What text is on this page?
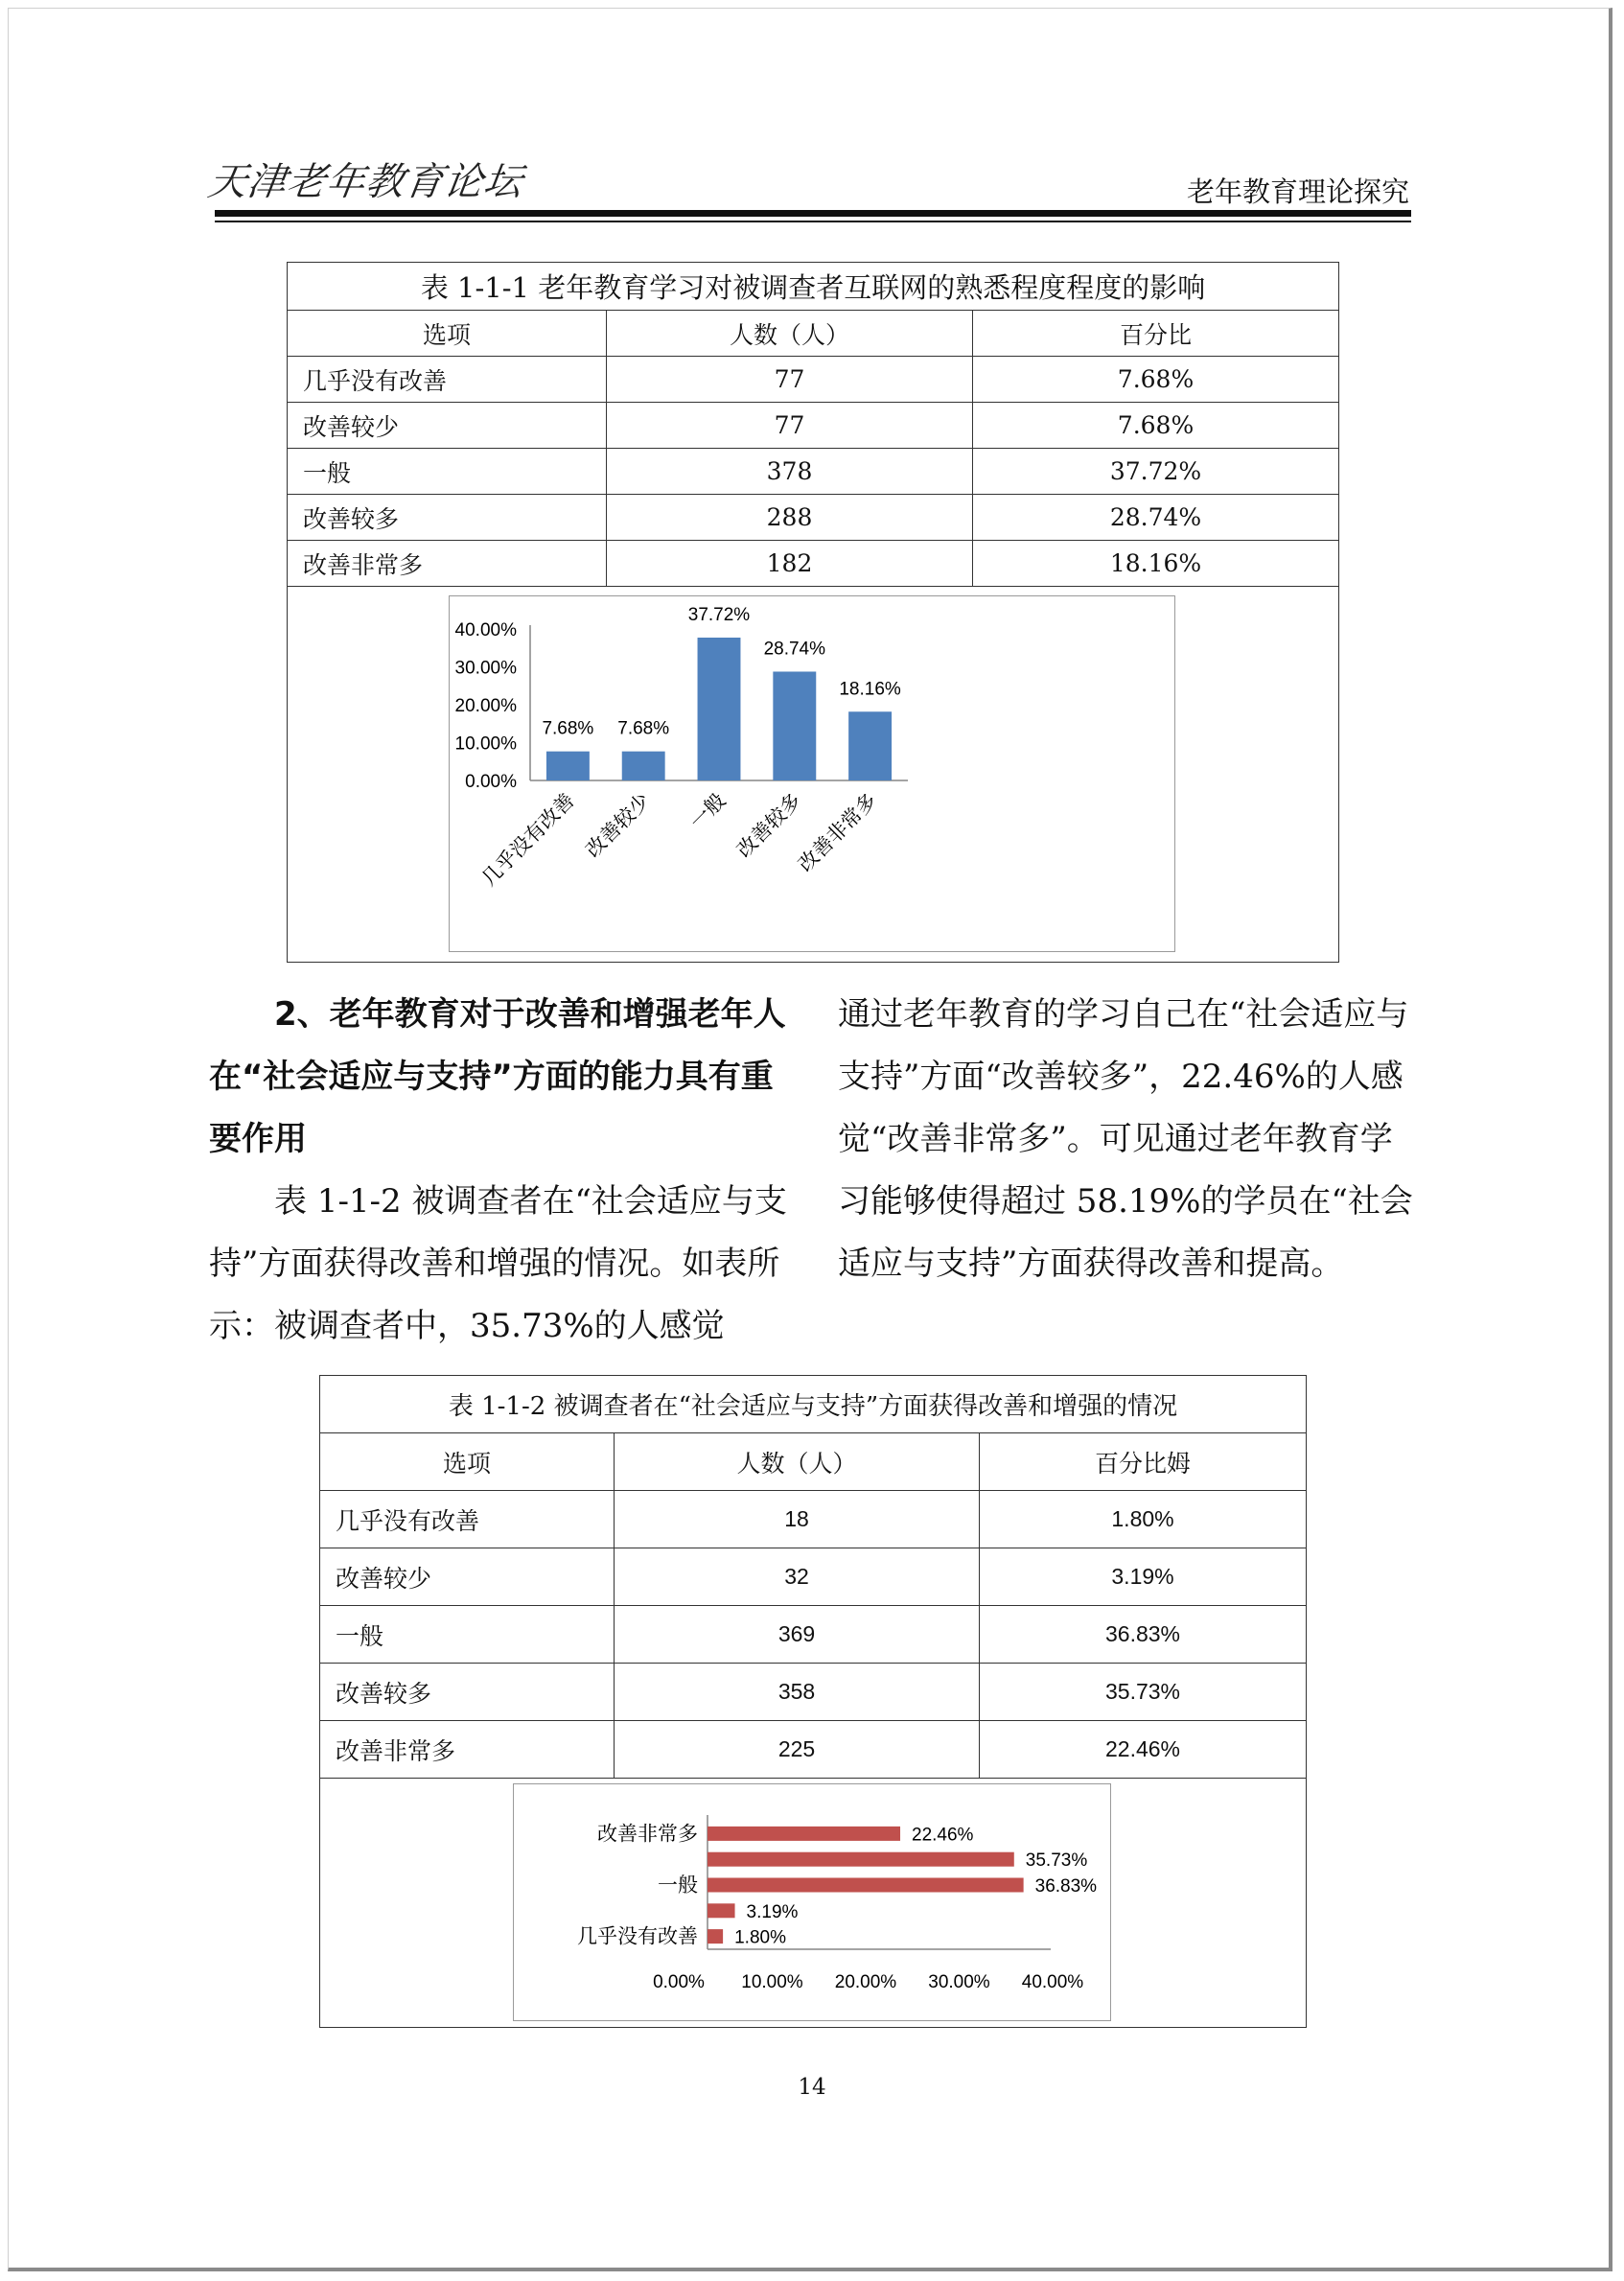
天津老年教育论坛	老年教育理论探究
表 1-1-1 老年教育学习对被调查者互联网的熟悉程度程度的影响		
选项	人数（人）	百分比
几乎没有改善	77	7.68%
改善较少	77	7.68%
一般	378	37.72%
改善较多	288	28.74%
改善非常多	182	18.16%

0.00%
10.00%
20.00%
30.00%
40.00%
7.68%
几乎没有改善
7.68%
改善较少
37.72%
一般
28.74%
改善较多
18.16%
改善非常多
2、老年教育对于改善和增强老年人在“社会适应与支持”方面的能力具有重要作用
表 1-1-2 被调查者在“社会适应与支持”方面获得改善和增强的情况。如表所示：被调查者中，35.73%的人感觉
通过老年教育的学习自己在“社会适应与支持”方面“改善较多”，22.46%的人感觉“改善非常多”。可见通过老年教育学习能够使得超过 58.19%的学员在“社会适应与支持”方面获得改善和提高。
表 1-1-2 被调查者在“社会适应与支持”方面获得改善和增强的情况		
选项	人数（人）	百分比姆
几乎没有改善	18	1.80%
改善较少	32	3.19%
一般	369	36.83%
改善较多	358	35.73%
改善非常多	225	22.46%

1.80%
几乎没有改善
3.19%
36.83%
一般
35.73%
22.46%
改善非常多
0.00% 10.00% 20.00% 30.00% 40.00%
14
